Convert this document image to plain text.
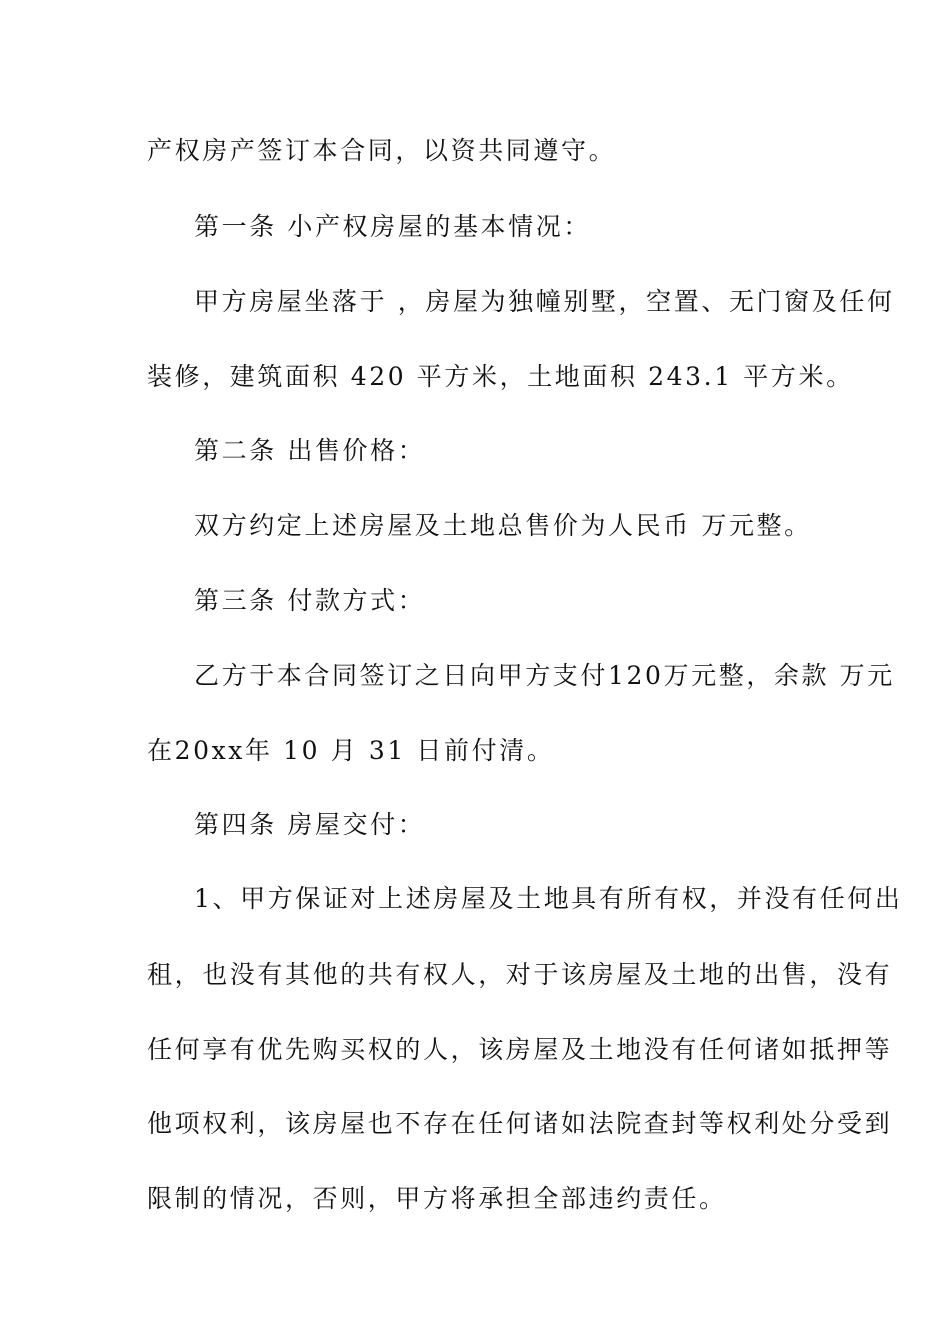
产权房产签订本合同，以资共同遵守。
第一条 小产权房屋的基本情况：
甲方房屋坐落于 ，房屋为独幢别墅，空置、无门窗及任何
装修，建筑面积 420 平方米，土地面积 243.1 平方米。
第二条 出售价格：
双方约定上述房屋及土地总售价为人民币 万元整。
第三条 付款方式：
乙方于本合同签订之日向甲方支付120万元整，余款 万元
在20xx年 10 月 31 日前付清。
第四条 房屋交付：
1、甲方保证对上述房屋及土地具有所有权，并没有任何出
租，也没有其他的共有权人，对于该房屋及土地的出售，没有
任何享有优先购买权的人，该房屋及土地没有任何诸如抵押等
他项权利，该房屋也不存在任何诸如法院查封等权利处分受到
限制的情况，否则，甲方将承担全部违约责任。
